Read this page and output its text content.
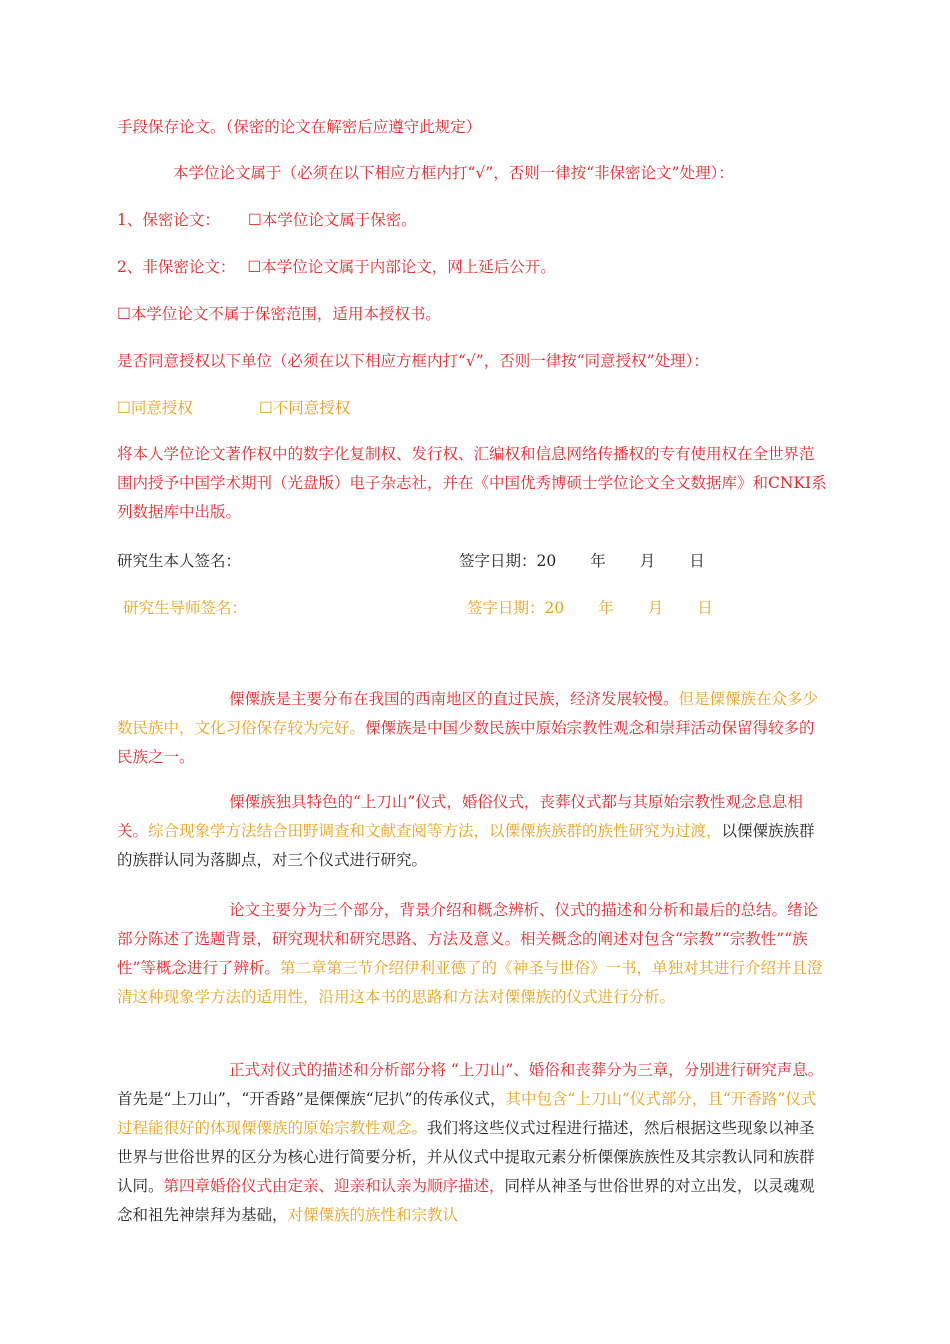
手段保存论文。（保密的论文在解密后应遵守此规定）
本学位论文属于（必须在以下相应方框内打“√”，否则一律按“非保密论文”处理）：
1、保密论文： ☐本学位论文属于保密。
2、非保密论文： ☐本学位论文属于内部论文，网上延后公开。
☐本学位论文不属于保密范围，适用本授权书。
是否同意授权以下单位（必须在以下相应方框内打“√”，否则一律按“同意授权”处理）：
☐同意授权	☐不同意授权

将本人学位论文著作权中的数字化复制权、发行权、汇编权和信息网络传播权的专有使用权在全世界范围内授予中国学术期刊（光盘版）电子杂志社，并在《中国优秀博硕士学位论文全文数据库》和CNKI系列数据库中出版。

研究生本人签名：	签字日期：20 年 月 日
研究生导师签名：	签字日期：20 年 月 日

傈僳族是主要分布在我国的西南地区的直过民族，经济发展较慢。但是傈僳族在众多少数民族中，文化习俗保存较为完好。傈僳族是中国少数民族中原始宗教性观念和崇拜活动保留得较多的民族之一。

傈僳族独具特色的“上刀山”仪式，婚俗仪式，丧葬仪式都与其原始宗教性观念息息相关。综合现象学方法结合田野调查和文献查阅等方法，以傈僳族族群的族性研究为过渡，以傈僳族族群的族群认同为落脚点，对三个仪式进行研究。

论文主要分为三个部分，背景介绍和概念辨析、仪式的描述和分析和最后的总结。绪论部分陈述了选题背景，研究现状和研究思路、方法及意义。相关概念的阐述对包含“宗教”“宗教性”“族性”等概念进行了辨析。第二章第三节介绍伊利亚德了的《神圣与世俗》一书，单独对其进行介绍并且澄清这种现象学方法的适用性，沿用这本书的思路和方法对傈僳族的仪式进行分析。

正式对仪式的描述和分析部分将 “上刀山”、婚俗和丧葬分为三章，分别进行研究声息。首先是“上刀山”，“开香路”是傈僳族“尼扒”的传承仪式，其中包含“上刀山”仪式部分，且“开香路”仪式过程能很好的体现傈僳族的原始宗教性观念。我们将这些仪式过程进行描述，然后根据这些现象以神圣世界与世俗世界的区分为核心进行简要分析，并从仪式中提取元素分析傈僳族族性及其宗教认同和族群认同。第四章婚俗仪式由定亲、迎亲和认亲为顺序描述，同样从神圣与世俗世界的对立出发，以灵魂观念和祖先神崇拜为基础，对傈僳族的族性和宗教认
